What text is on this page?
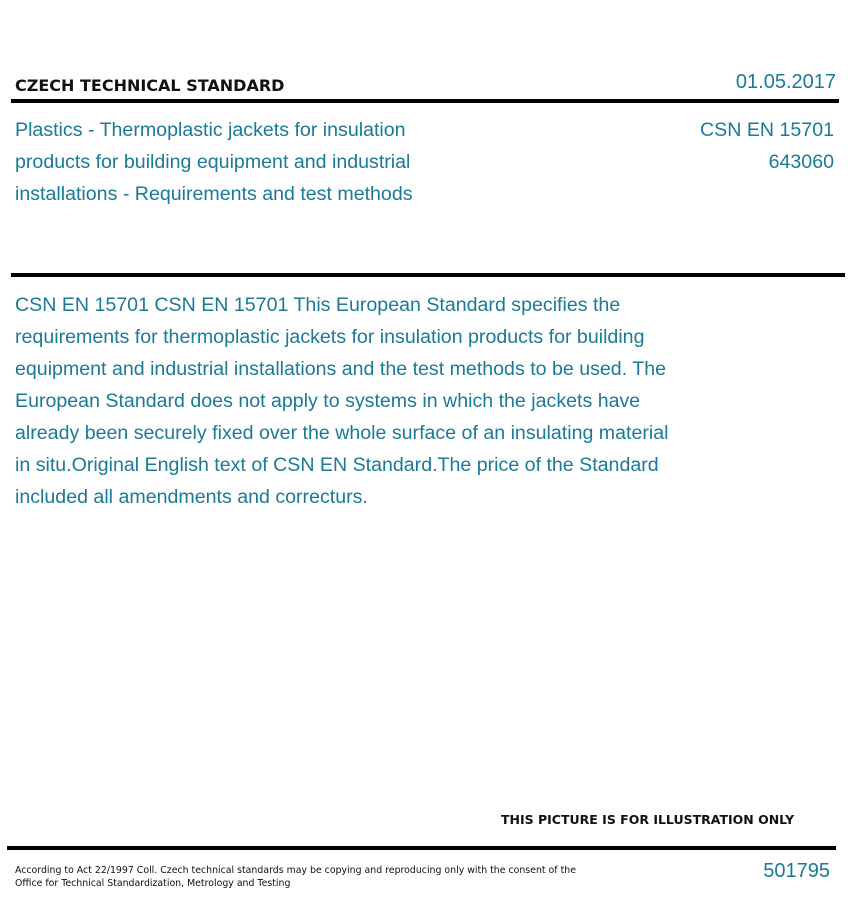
CZECH TECHNICAL STANDARD	01.05.2017
Plastics - Thermoplastic jackets for insulation products for building equipment and industrial installations - Requirements and test methods
CSN EN 15701
643060
CSN EN 15701 CSN EN 15701 This European Standard specifies the requirements for thermoplastic jackets for insulation products for building equipment and industrial installations and the test methods to be used. The European Standard does not apply to systems in which the jackets have already been securely fixed over the whole surface of an insulating material in situ.Original English text of CSN EN Standard.The price of the Standard included all amendments and correcturs.
THIS PICTURE IS FOR ILLUSTRATION ONLY
According to Act 22/1997 Coll. Czech technical standards may be copying and reproducing only with the consent of the Office for Technical Standardization, Metrology and Testing
501795
